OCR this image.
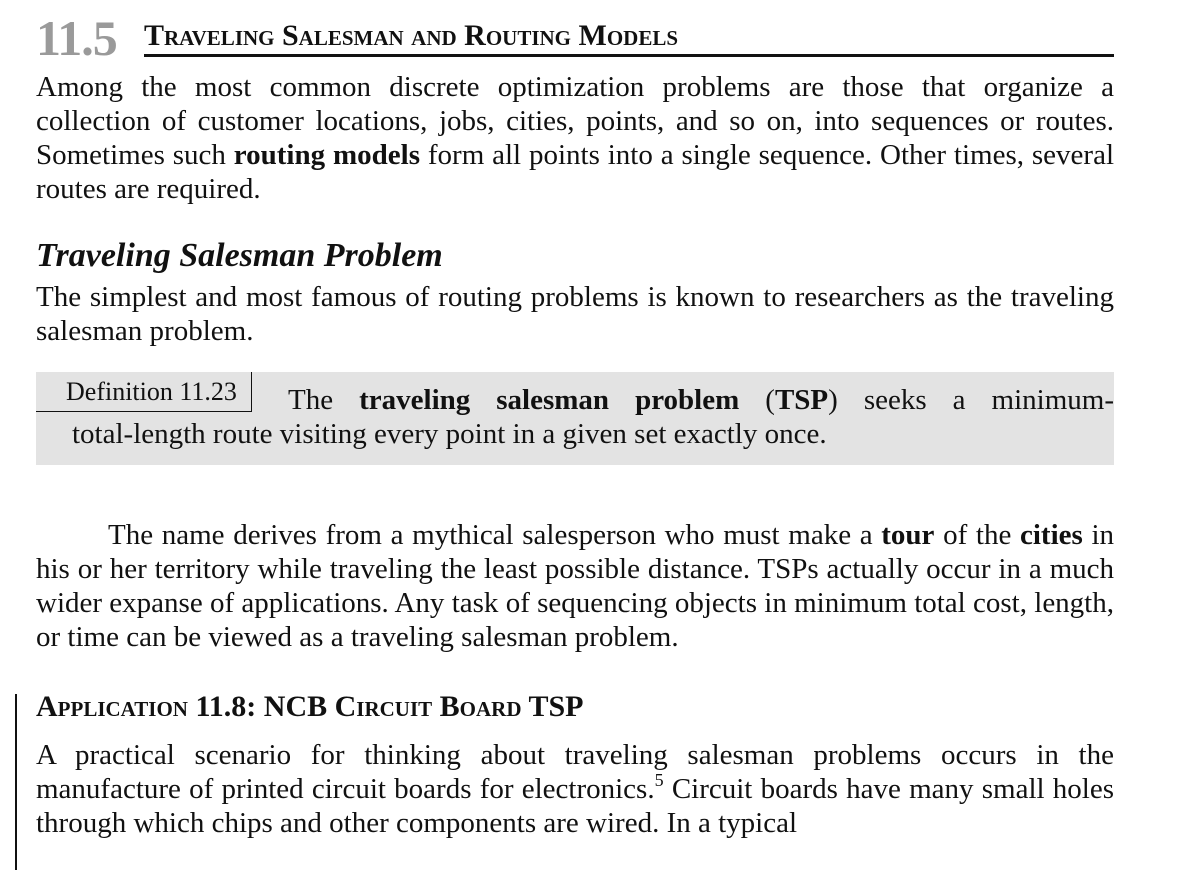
11.5 Traveling Salesman and Routing Models

Among the most common discrete optimization problems are those that organize a collection of customer locations, jobs, cities, points, and so on, into sequences or routes. Sometimes such routing models form all points into a single sequence. Other times, several routes are required.

Traveling Salesman Problem

The simplest and most famous of routing problems is known to researchers as the traveling salesman problem.

The traveling salesman problem (TSP) seeks a minimum-
total-length route visiting every point in a given set exactly once.
Definition 11.23

The name derives from a mythical salesperson who must make a tour of the cities in his or her territory while traveling the least possible distance. TSPs actually occur in a much wider expanse of applications. Any task of sequencing objects in minimum total cost, length, or time can be viewed as a traveling salesman problem.

Application 11.8: NCB Circuit Board TSP

A practical scenario for thinking about traveling salesman problems occurs in the manufacture of printed circuit boards for electronics.$^5$ Circuit boards have many small holes through which chips and other components are wired. In a typical
